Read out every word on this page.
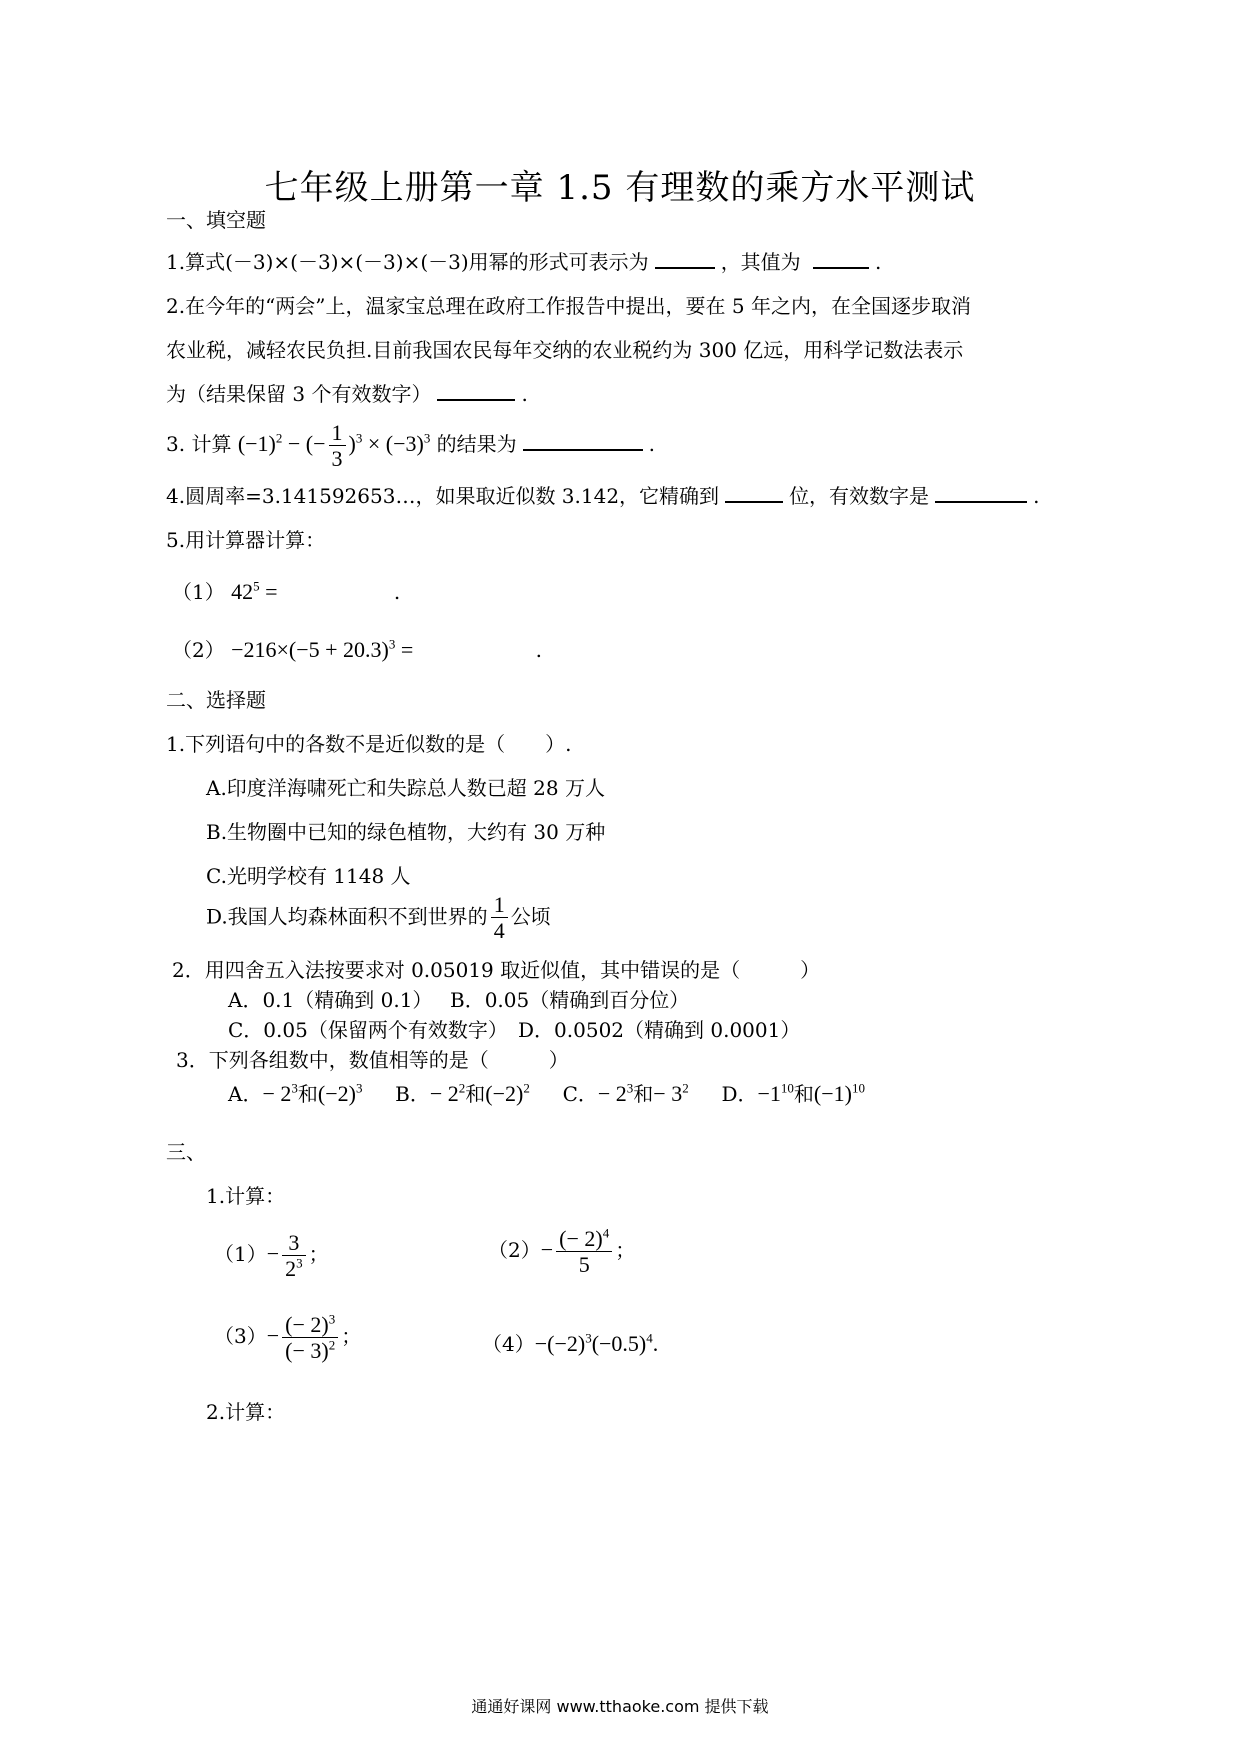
七年级上册第一章 1.5 有理数的乘方水平测试
一、填空题
1.算式(－3)×(－3)×(－3)×(－3)用幂的形式可表示为	，其值为	.
2.在今年的“两会”上，温家宝总理在政府工作报告中提出，要在 5 年之内，在全国逐步取消
农业税，减轻农民负担.目前我国农民每年交纳的农业税约为 300 亿远，用科学记数法表示
为（结果保留 3 个有效数字）	.
3. 计算 $(-1)^2$ − (− $\frac{1}{3} )^3 \times (-3)^3$ 的结果为	.
4.圆周率=3.141592653…，如果取近似数 3.142，它精确到	位，有效数字是	.
5.用计算器计算：
（1） $42^5$ =	.
$(2) -216\times(-5 + 20.3)^3$ =	.
二、选择题
1.下列语句中的各数不是近似数的是（　　）.
A.印度洋海啸死亡和失踪总人数已超 28 万人
B.生物圈中已知的绿色植物，大约有 30 万种
C.光明学校有 1148 人
D.我国人均森林面积不到世界的 $\frac{1}{4}$ 公顷
2．用四舍五入法按要求对 0.05019 取近似值，其中错误的是（　　　）
A．0.1（精确到 0.1） B．0.05（精确到百分位）
C．0.05（保留两个有效数字） D．0.0502（精确到 0.0001）
3．下列各组数中，数值相等的是（　　　）
A．− $2^3$和$(-2)^3$ B．− $2^2$和$(-2)^2$ C．− $2^3$和− $3^2$ D．$-1^{10}$和$(-1)^{10}$
三、
1.计算：
$(1)- \frac{3}{2^3}$ ；	$(2)- \frac{(- 2)^4}{5}$ ；
$(3)- \frac{(- 2)^3}{(- 3)^2}$ ；	$(4)-(-2)^3(-0.5)^4$.
2.计算：
通通好课网 www.tthaoke.com 提供下载
